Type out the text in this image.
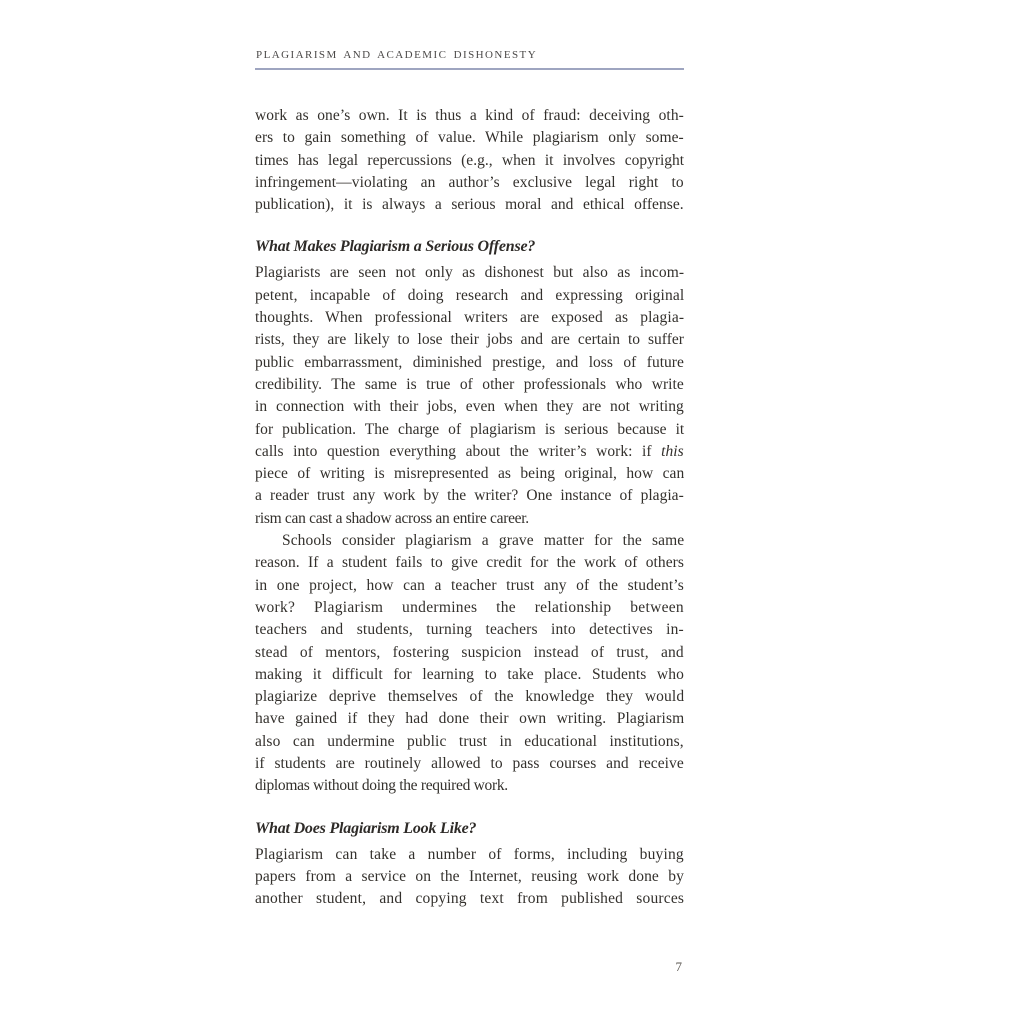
PLAGIARISM AND ACADEMIC DISHONESTY
work as one’s own. It is thus a kind of fraud: deceiving oth-
ers to gain something of value. While plagiarism only some-
times has legal repercussions (e.g., when it involves copyright
infringement—violating an author’s exclusive legal right to
publication), it is always a serious moral and ethical offense.
What Makes Plagiarism a Serious Offense?
Plagiarists are seen not only as dishonest but also as incom-
petent, incapable of doing research and expressing original
thoughts. When professional writers are exposed as plagia-
rists, they are likely to lose their jobs and are certain to suffer
public embarrassment, diminished prestige, and loss of future
credibility. The same is true of other professionals who write
in connection with their jobs, even when they are not writing
for publication. The charge of plagiarism is serious because it
calls into question everything about the writer’s work: if this
piece of writing is misrepresented as being original, how can
a reader trust any work by the writer? One instance of plagia-
rism can cast a shadow across an entire career.
Schools consider plagiarism a grave matter for the same
reason. If a student fails to give credit for the work of others
in one project, how can a teacher trust any of the student’s
work? Plagiarism undermines the relationship between
teachers and students, turning teachers into detectives in-
stead of mentors, fostering suspicion instead of trust, and
making it difficult for learning to take place. Students who
plagiarize deprive themselves of the knowledge they would
have gained if they had done their own writing. Plagiarism
also can undermine public trust in educational institutions,
if students are routinely allowed to pass courses and receive
diplomas without doing the required work.
What Does Plagiarism Look Like?
Plagiarism can take a number of forms, including buying
papers from a service on the Internet, reusing work done by
another student, and copying text from published sources
7
